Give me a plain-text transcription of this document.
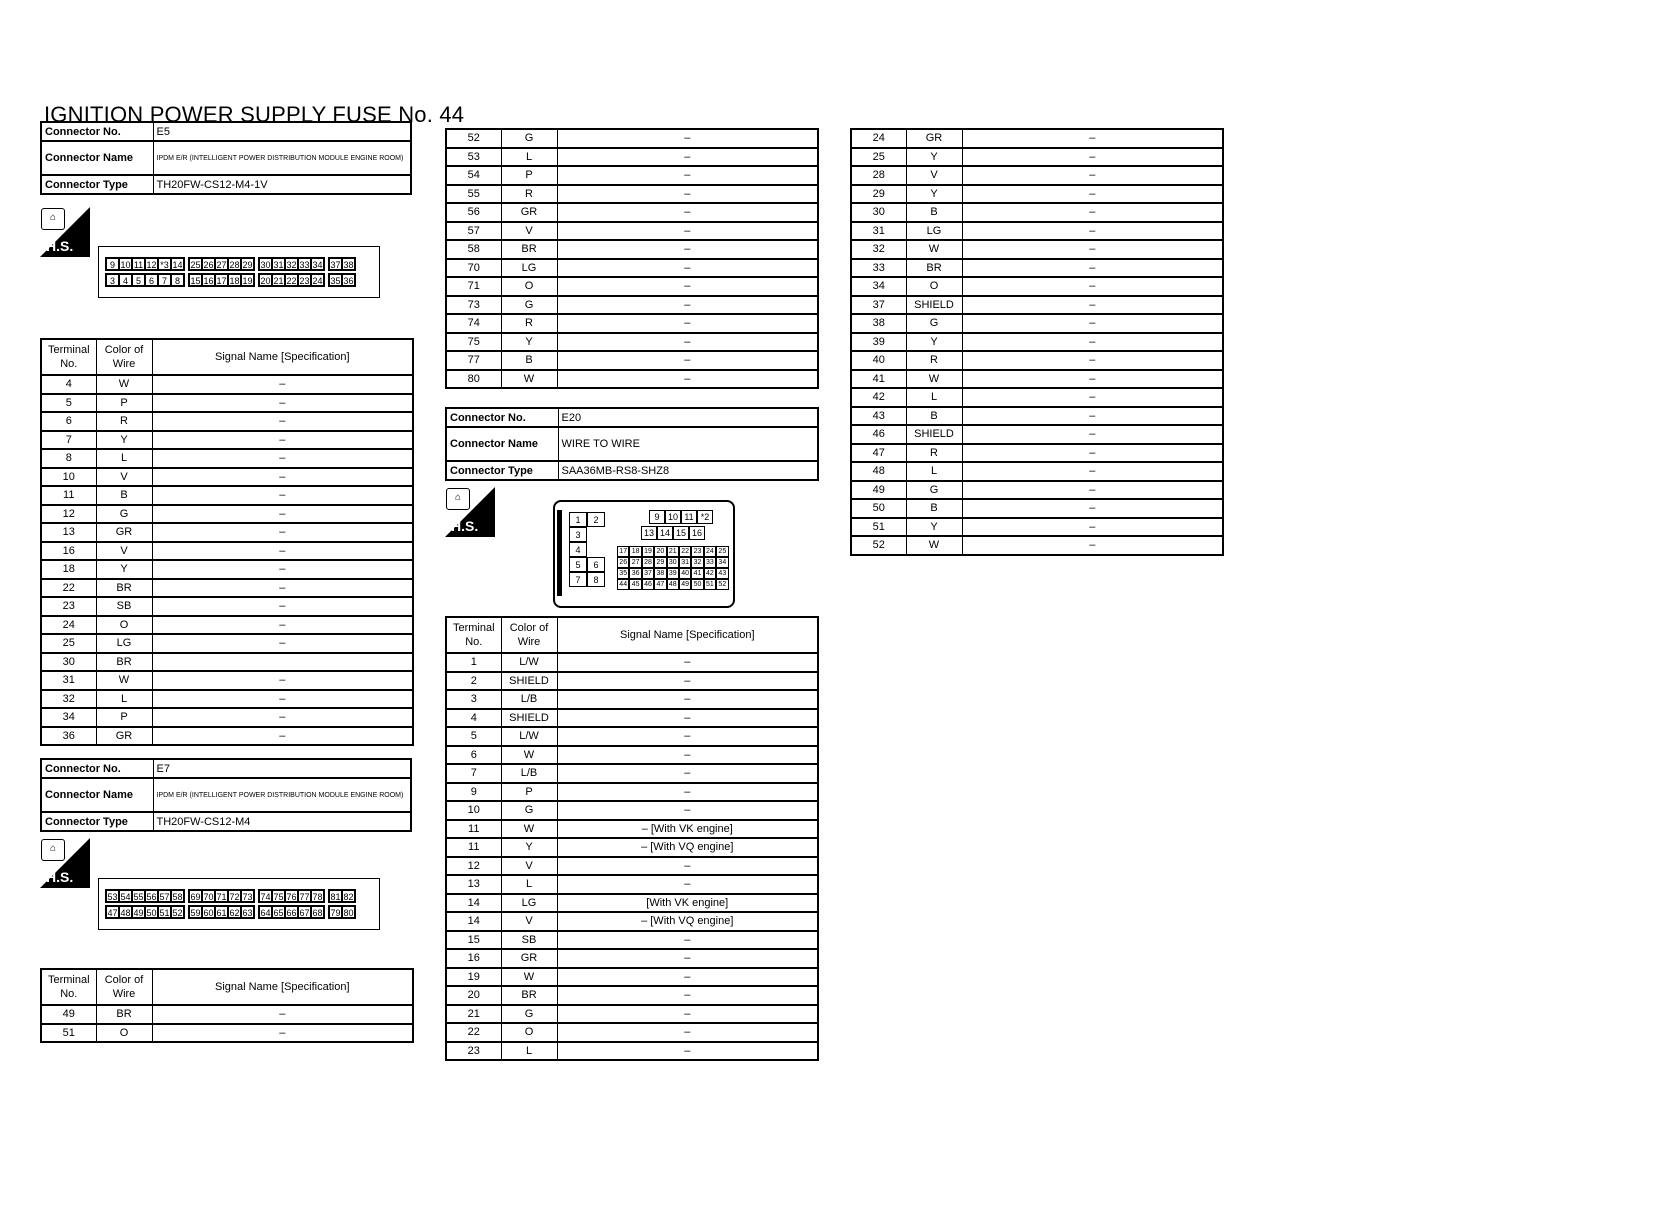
IGNITION POWER SUPPLY FUSE No. 44
Connector No.	E5
Connector Name	IPDM E/R (INTELLIGENT POWER DISTRIBUTION MODULE ENGINE ROOM)
Connector Type	TH20FW-CS12-M4-1V
⌂
H.S.
9 10 11 12 *3 14 25 26 27 28 29 30 31 32 33 34 37 38
3 4 5 6 7 8	15 16 17 18 19 20 21 22 23 24 35 36
Terminal No.	Color of Wire	Signal Name [Specification]
4	W	–
5	P	–
6	R	–
7	Y	–
8	L	–
10	V	–
11	B	–
12	G	–
13	GR	–
16	V	–
18	Y	–
22	BR	–
23	SB	–
24	O	–
25	LG	–
30	BR	
31	W	–
32	L	–
34	P	–
36	GR	–
Connector No.	E7
Connector Name	IPDM E/R (INTELLIGENT POWER DISTRIBUTION MODULE ENGINE ROOM)
Connector Type	TH20FW-CS12-M4
⌂
H.S.
53 54 55 56 57 58 69 70 71 72 73 74 75 76 77 78 81 82
47 48 49 50 51 52 59 60 61 62 63 64 65 66 67 68 79 80
Terminal No.	Color of Wire	Signal Name [Specification]
49	BR	–
51	O	–
52	G	–
53	L	–
54	P	–
55	R	–
56	GR	–
57	V	–
58	BR	–
70	LG	–
71	O	–
73	G	–
74	R	–
75	Y	–
77	B	–
80	W	–
Connector No.	E20
Connector Name	WIRE TO WIRE
Connector Type	SAA36MB-RS8-SHZ8
⌂
H.S.	1	2
3
4
5	6
7	8
9 10 11 *2
13 14 15 16
17 18 19 20 21 22 23 24 25
26 27 28 29 30 31 32 33 34
35 36 37 38 39 40 41 42 43
44 45 46 47 48 49 50 51 52
Terminal No.	Color of Wire	Signal Name [Specification]
1	L/W	–
2	SHIELD	–
3	L/B	–
4	SHIELD	–
5	L/W	–
6	W	–
7	L/B	–
9	P	–
10	G	–
11	W	– [With VK engine]
11	Y	– [With VQ engine]
12	V	–
13	L	–
14	LG	[With VK engine]
14	V	– [With VQ engine]
15	SB	–
16	GR	–
19	W	–
20	BR	–
21	G	–
22	O	–
23	L	–
24	GR	–
25	Y	–
28	V	–
29	Y	–
30	B	–
31	LG	–
32	W	–
33	BR	–
34	O	–
37	SHIELD	–
38	G	–
39	Y	–
40	R	–
41	W	–
42	L	–
43	B	–
46	SHIELD	–
47	R	–
48	L	–
49	G	–
50	B	–
51	Y	–
52	W	–
